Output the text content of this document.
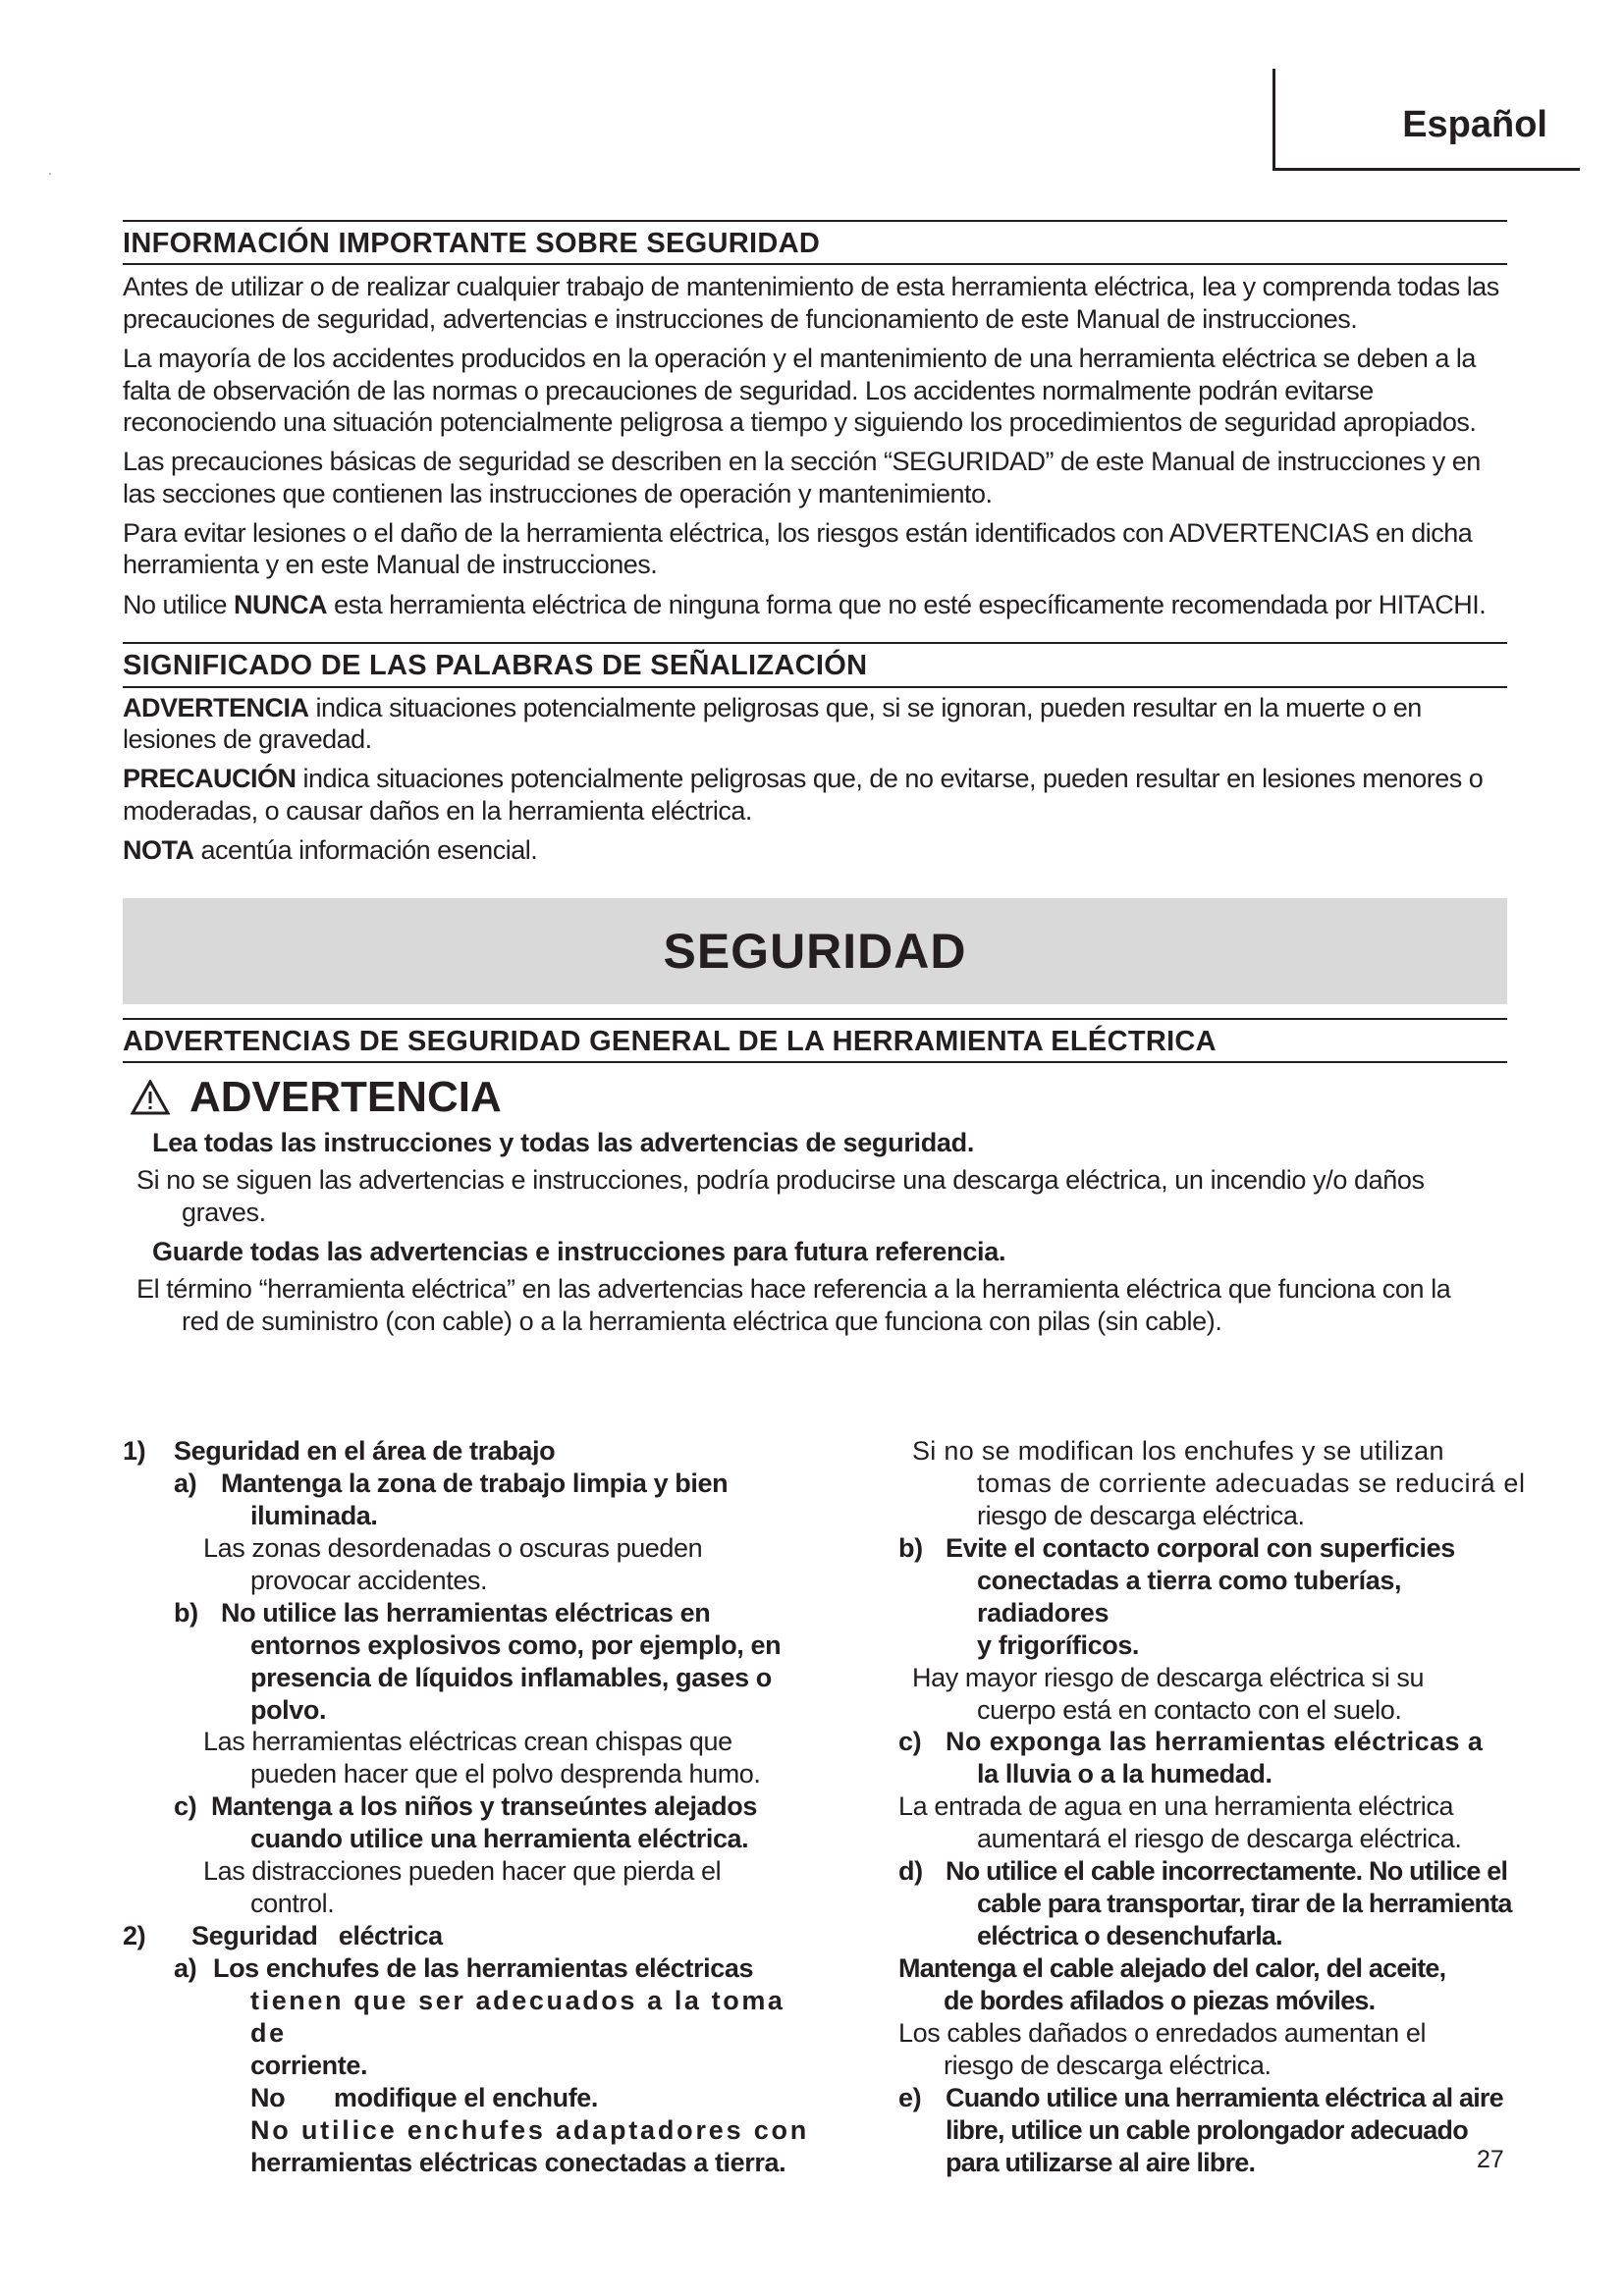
Español
INFORMACIÓN IMPORTANTE SOBRE SEGURIDAD

Antes de utilizar o de realizar cualquier trabajo de mantenimiento de esta herramienta eléctrica, lea y comprenda todas las precauciones de seguridad, advertencias e instrucciones de funcionamiento de este Manual de instrucciones.

La mayoría de los accidentes producidos en la operación y el mantenimiento de una herramienta eléctrica se deben a la falta de observación de las normas o precauciones de seguridad. Los accidentes normalmente podrán evitarse reconociendo una situación potencialmente peligrosa a tiempo y siguiendo los procedimientos de seguridad apropiados.

Las precauciones básicas de seguridad se describen en la sección “SEGURIDAD” de este Manual de instrucciones y en las secciones que contienen las instrucciones de operación y mantenimiento.

Para evitar lesiones o el daño de la herramienta eléctrica, los riesgos están identificados con ADVERTENCIAS en dicha herramienta y en este Manual de instrucciones.

No utilice NUNCA esta herramienta eléctrica de ninguna forma que no esté específicamente recomendada por HITACHI.

SIGNIFICADO DE LAS PALABRAS DE SEÑALIZACIÓN

ADVERTENCIA indica situaciones potencialmente peligrosas que, si se ignoran, pueden resultar en la muerte o en lesiones de gravedad.

PRECAUCIÓN indica situaciones potencialmente peligrosas que, de no evitarse, pueden resultar en lesiones menores o moderadas, o causar daños en la herramienta eléctrica.

NOTA acentúa información esencial.

SEGURIDAD
ADVERTENCIAS DE SEGURIDAD GENERAL DE LA HERRAMIENTA ELÉCTRICA
ADVERTENCIA
Lea todas las instrucciones y todas las advertencias de seguridad.
Si no se siguen las advertencias e instrucciones, podría producirse una descarga eléctrica, un incendio y/o daños
graves.
Guarde todas las advertencias e instrucciones para futura referencia.
El término “herramienta eléctrica” en las advertencias hace referencia a la herramienta eléctrica que funciona con la
red de suministro (con cable) o a la herramienta eléctrica que funciona con pilas (sin cable).
1)	Seguridad en el área de trabajo
a) Mantenga la zona de trabajo limpia y bien
iluminada.
Las zonas desordenadas o oscuras pueden
provocar accidentes.
b) No utilice las herramientas eléctricas en
entornos explosivos como, por ejemplo, en
presencia de líquidos inflamables, gases o
polvo.
Las herramientas eléctricas crean chispas que
pueden hacer que el polvo desprenda humo.
c) Mantenga a los niños y transeúntes alejados
cuando utilice una herramienta eléctrica.
Las distracciones pueden hacer que pierda el
control.
2)	Seguridad   eléctrica
a) Los enchufes de las herramientas eléctricas
tienen que ser adecuados a la toma de
corriente.
No       modifique el enchufe.
No utilice enchufes adaptadores con
herramientas eléctricas conectadas a tierra.
Si no se modifican los enchufes y se utilizan
tomas de corriente adecuadas se reducirá el
riesgo de descarga eléctrica.
b) Evite el contacto corporal con superficies
conectadas a tierra como tuberías, radiadores
y frigoríficos.
Hay mayor riesgo de descarga eléctrica si su
cuerpo está en contacto con el suelo.
c) No exponga las herramientas eléctricas a
la lluvia o a la humedad.
La entrada de agua en una herramienta eléctrica
aumentará el riesgo de descarga eléctrica.
d) No utilice el cable incorrectamente. No utilice el
cable para transportar, tirar de la herramienta
eléctrica o desenchufarla.
Mantenga el cable alejado del calor, del aceite,
de bordes afilados o piezas móviles.
Los cables dañados o enredados aumentan el
riesgo de descarga eléctrica.
e) Cuando utilice una herramienta eléctrica al aire
libre, utilice un cable prolongador adecuado
para utilizarse al aire libre.	27
